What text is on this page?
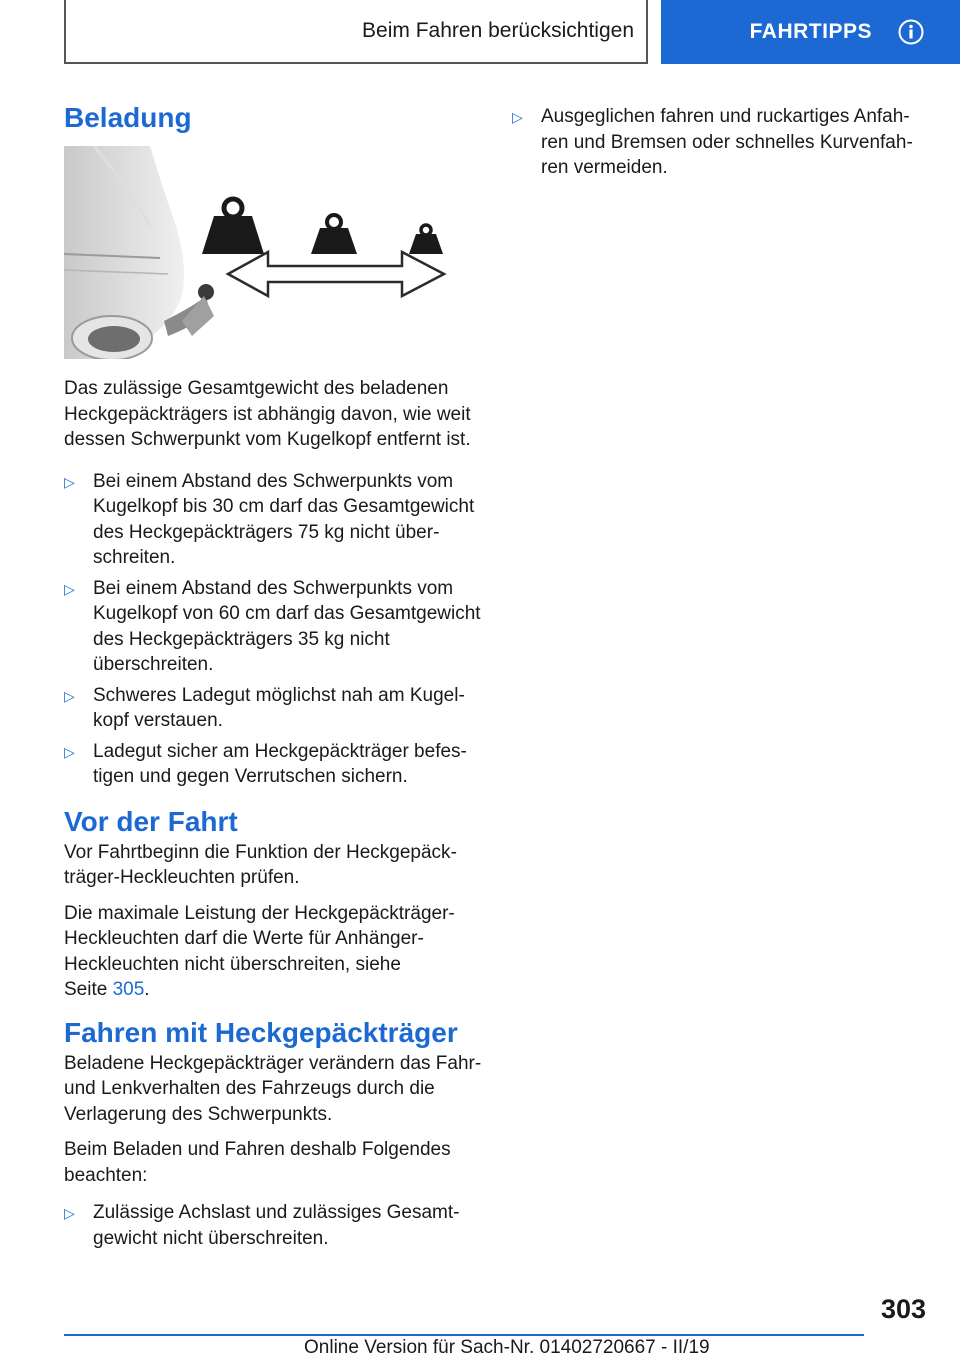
Beim Fahren berücksichtigen	FAHRTIPPS
Beladung

Das zulässige Gesamtgewicht des beladenen Heckgepäckträgers ist abhängig davon, wie weit dessen Schwerpunkt vom Kugelkopf entfernt ist.

▷ Bei einem Abstand des Schwerpunkts vom Kugelkopf bis 30 cm darf das Gesamtgewicht des Heckgepäckträgers 75 kg nicht überschreiten.
▷ Bei einem Abstand des Schwerpunkts vom Kugelkopf von 60 cm darf das Gesamtgewicht des Heckgepäckträgers 35 kg nicht überschreiten.
▷ Schweres Ladegut möglichst nah am Kugelkopf verstauen.
▷ Ladegut sicher am Heckgepäckträger befestigen und gegen Verrutschen sichern.
Vor der Fahrt

Vor Fahrtbeginn die Funktion der Heckgepäckträger-Heckleuchten prüfen.

Die maximale Leistung der Heckgepäckträger-Heckleuchten darf die Werte für Anhänger-Heckleuchten nicht überschreiten, siehe
Seite 305.

Fahren mit Heckgepäckträger

Beladene Heckgepäckträger verändern das Fahr- und Lenkverhalten des Fahrzeugs durch die Verlagerung des Schwerpunkts.

Beim Beladen und Fahren deshalb Folgendes beachten:

▷ Zulässige Achslast und zulässiges Gesamtgewicht nicht überschreiten.
▷ Ausgeglichen fahren und ruckartiges Anfahren und Bremsen oder schnelles Kurvenfahren vermeiden.
303
Online Version für Sach-Nr. 01402720667 - II/19
